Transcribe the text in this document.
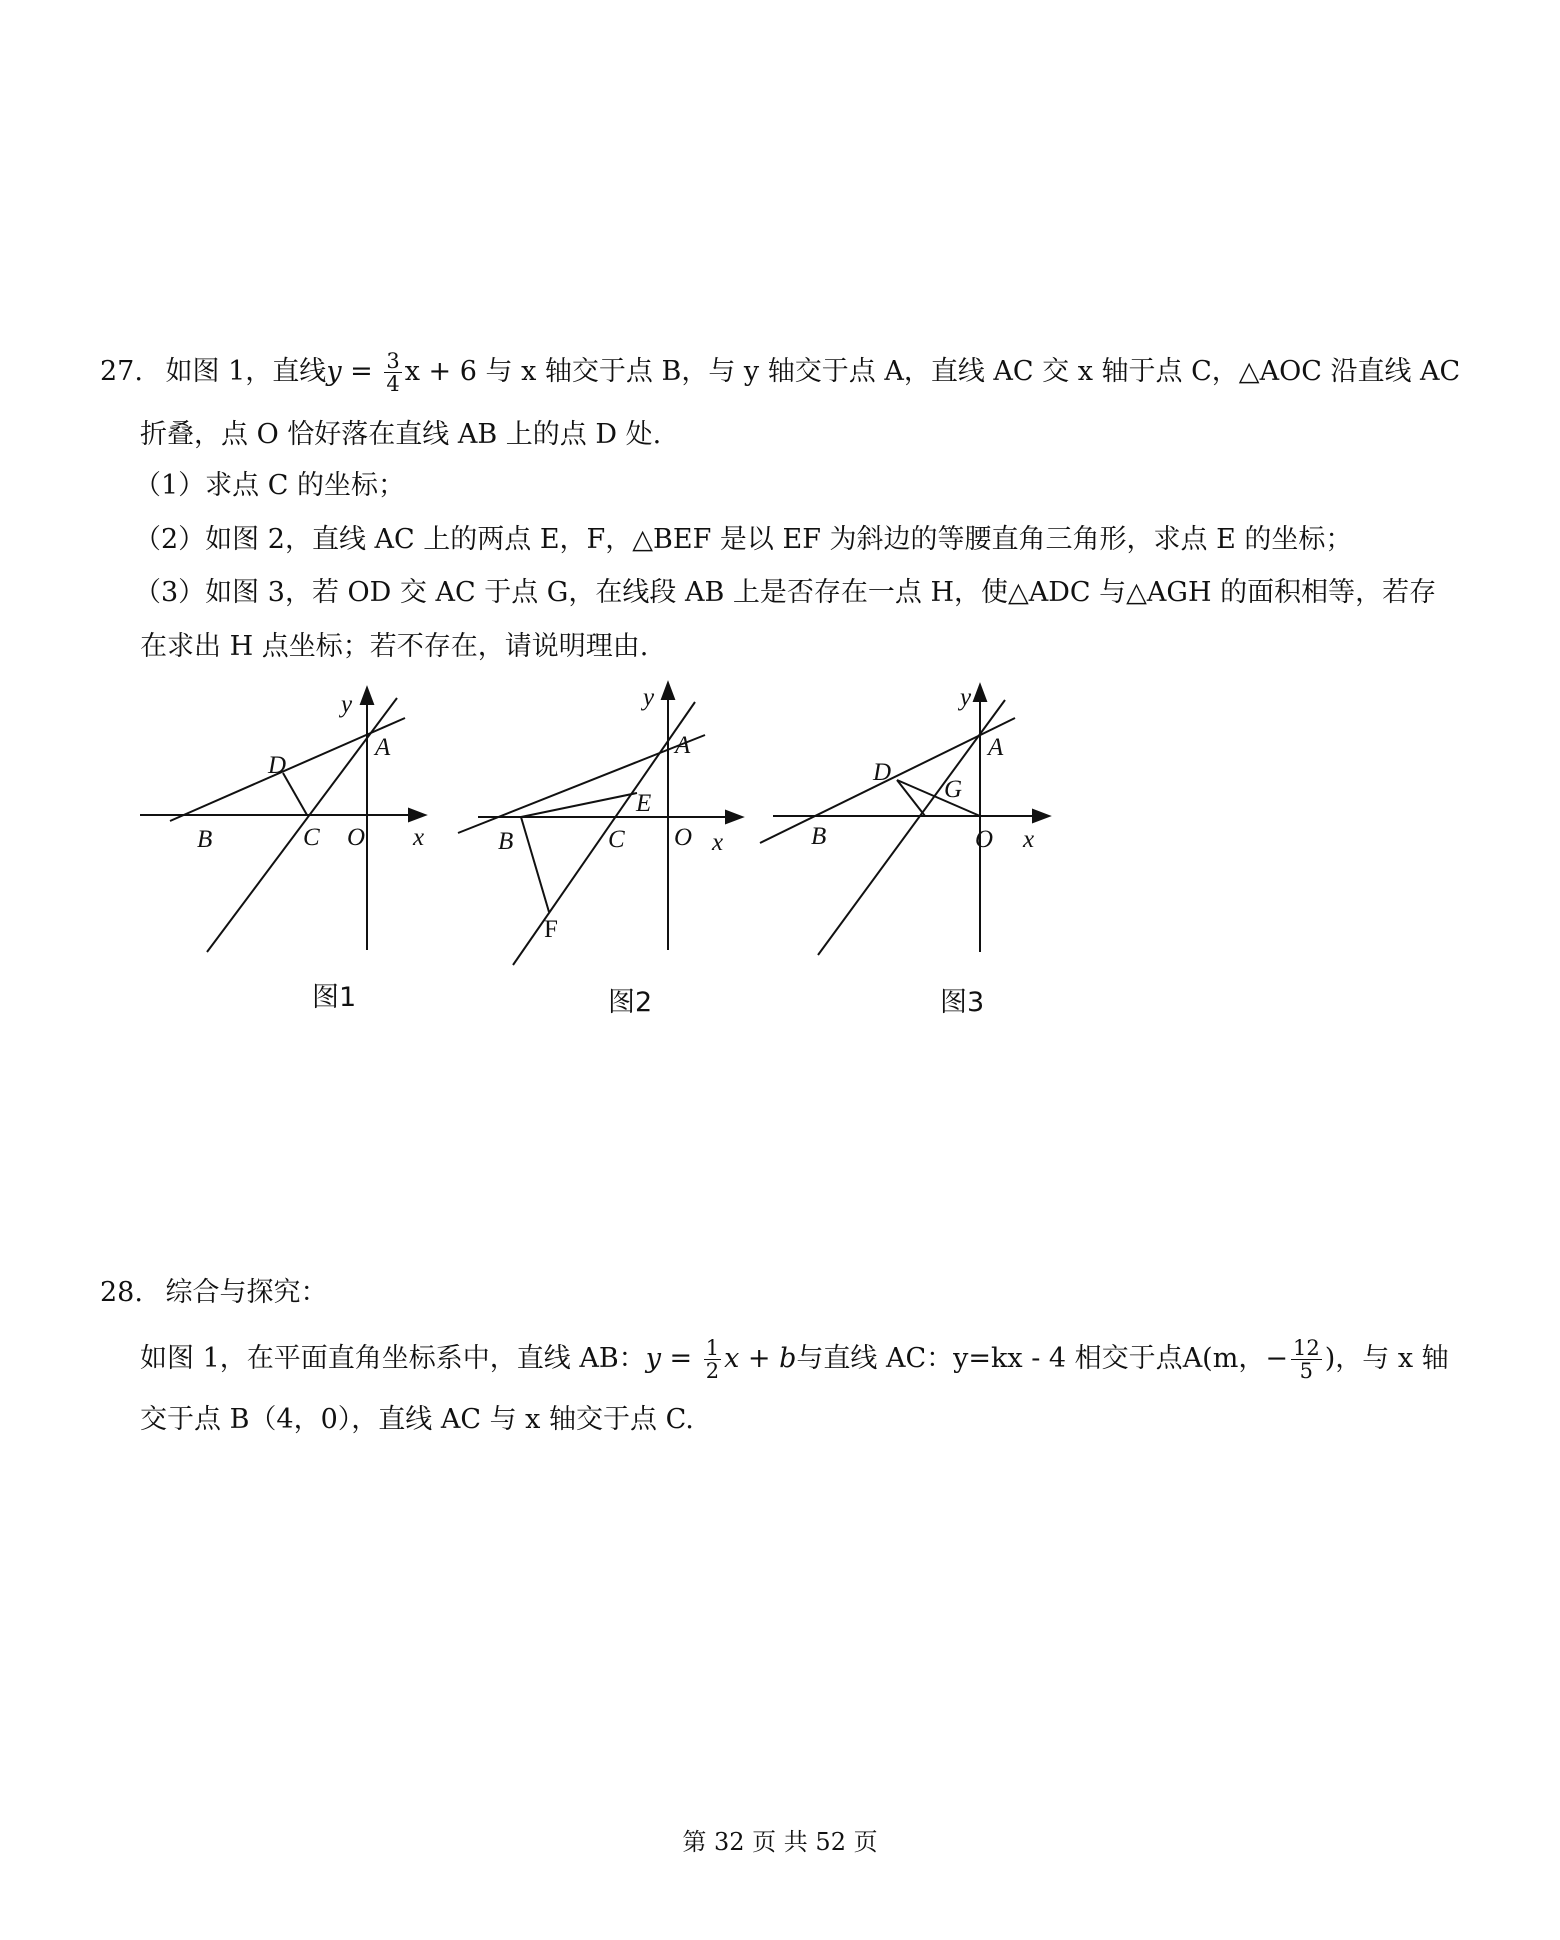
27. 如图 1，直线$y = \frac{3}{4}$ x + 6 与 x 轴交于点 B，与 y 轴交于点 A，直线 AC 交 x 轴于点 C，△AOC 沿直线 AC
折叠，点 O 恰好落在直线 AB 上的点 D 处.
（1）求点 C 的坐标；
（2）如图 2，直线 AC 上的两点 E，F，△BEF 是以 EF 为斜边的等腰直角三角形，求点 E 的坐标；
（3）如图 3，若 OD 交 AC 于点 G，在线段 AB 上是否存在一点 H，使△ADC 与△AGH 的面积相等，若存
在求出 H 点坐标；若不存在，请说明理由.
y
A
D
B	C O x
图1
y
A
E
B	C O x
F
图2
y
A
D
G
B	O x
图3
28. 综合与探究：
如图 1，在平面直角坐标系中，直线 AB：$y = \frac{1}{2}$ x + b与直线 AC：y=kx - 4 相交于点A(m，− $\frac{12}{5}$ )，与 x 轴
交于点 B（4，0），直线 AC 与 x 轴交于点 C.
第 32 页 共 52 页
